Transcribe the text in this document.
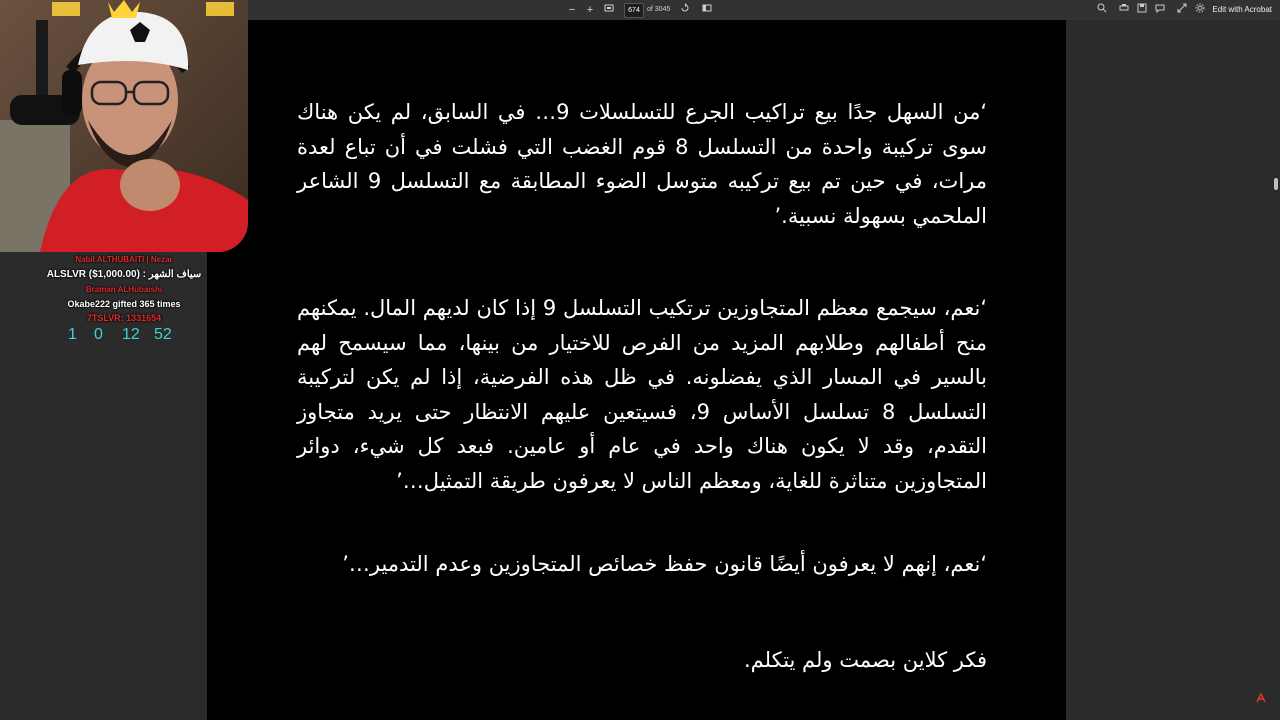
− +	674	of 3045	Edit with Acrobat

‘من السهل جدًا بيع تراكيب الجرع للتسلسلات 9… في السابق، لم يكن هناك سوى تركيبة واحدة من التسلسل 8 قوم الغضب التي فشلت في أن تباع لعدة مرات، في حين تم بيع تركيبه متوسل الضوء المطابقة مع التسلسل 9 الشاعر الملحمي بسهولة نسبية.’

‘نعم، سيجمع معظم المتجاوزين ترتكيب التسلسل 9 إذا كان لديهم المال. يمكنهم منح أطفالهم وطلابهم المزيد من الفرص للاختيار من بينها، مما سيسمح لهم بالسير في المسار الذي يفضلونه. في ظل هذه الفرضية، إذا لم يكن لتركيبة التسلسل 8 تسلسل الأساس 9، فسيتعين عليهم الانتظار حتى يريد متجاوز التقدم، وقد لا يكون هناك واحد في عام أو عامين. فبعد كل شيء، دوائر المتجاوزين متناثرة للغاية، ومعظم الناس لا يعرفون طريقة التمثيل…’

‘نعم، إنهم لا يعرفون أيضًا قانون حفظ خصائص المتجاوزين وعدم التدمير…’

فكر كلاين بصمت ولم يتكلم.

Nabil ALTHUBAITI | Nezar
ALSLVR ($1,000.00) : سياف الشهر
Braman ALHubaishi
Okabe222 gifted 365 times
7TSLVR: 1331654
1 0 12 52
